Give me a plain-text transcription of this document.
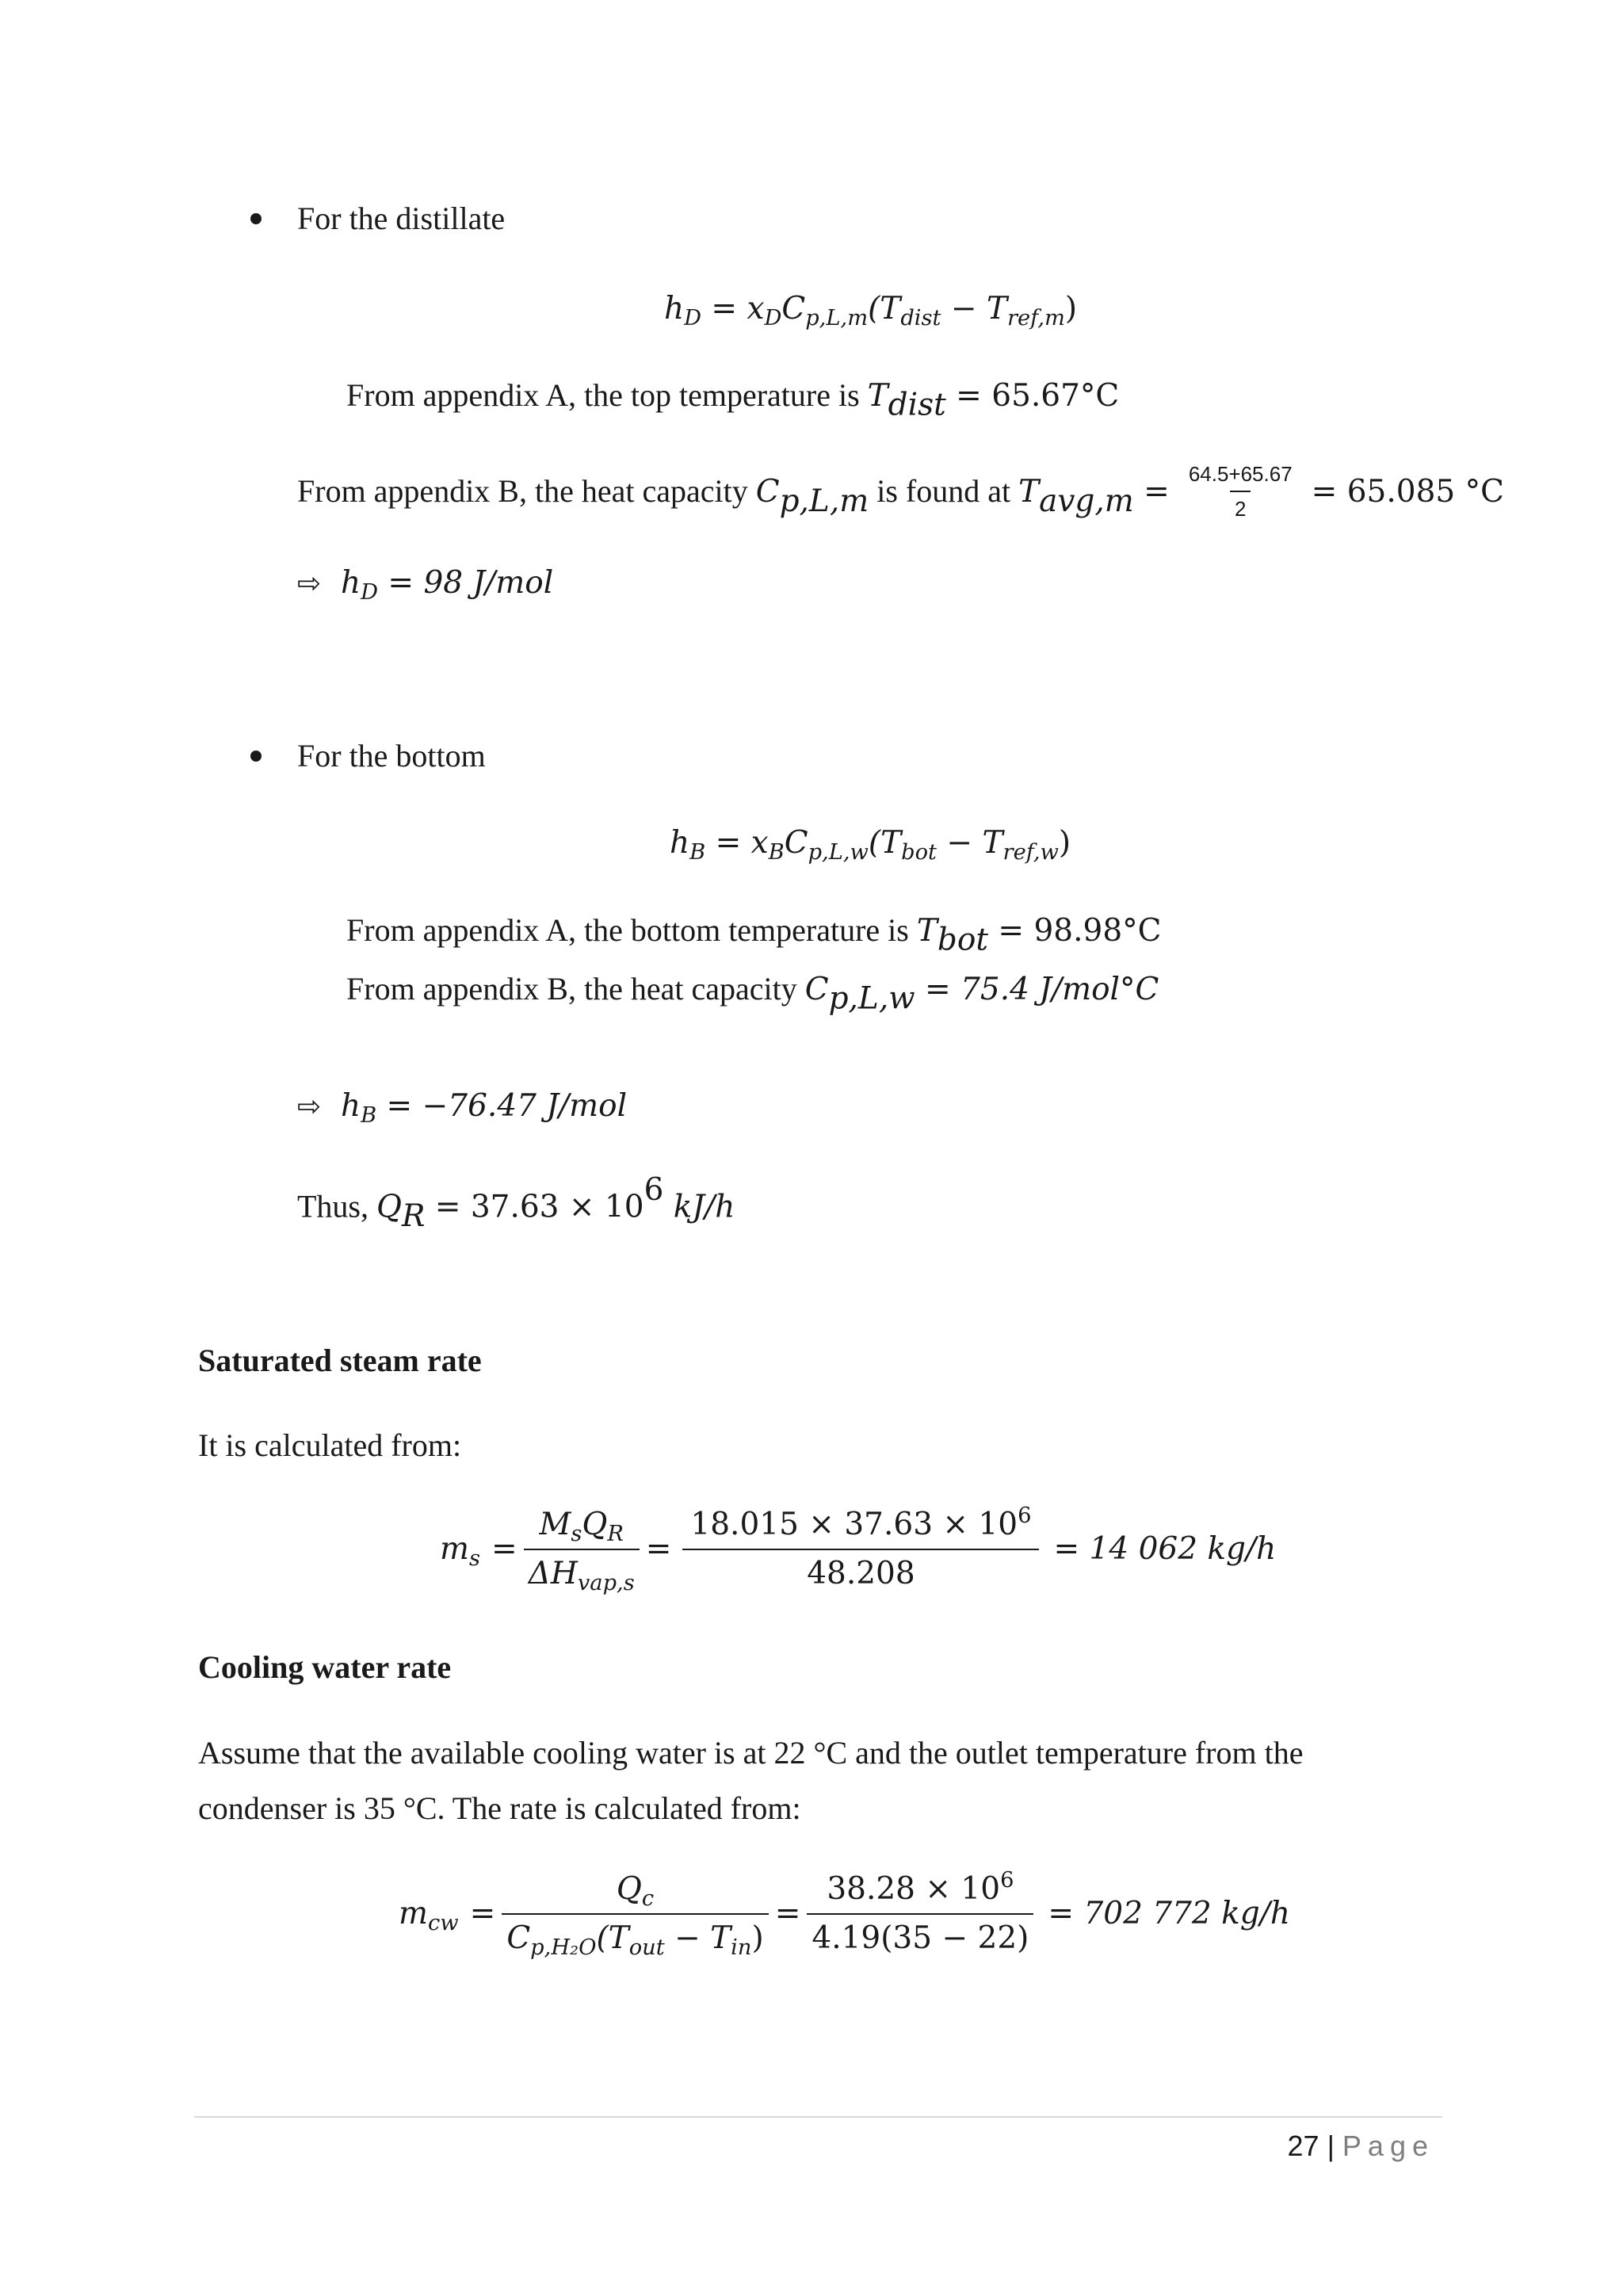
For the distillate
$h_D = x_DC_{p,L,m}(T_{dist} - T_{ref,m})$
From appendix A, the top temperature is $T_{dist} = 65.67^\circ C$
From appendix B, the heat capacity $C_{p,L,m}$ is found at $T_{avg,m} = \frac{64.5+65.67}{2} = 65.085$ °C
⇨ $h_D = 98$ J/mol
For the bottom
$h_B = x_BC_{p,L,w}(T_{bot} - T_{ref,w})$
From appendix A, the bottom temperature is $T_{bot} = 98.98^\circ C$
From appendix B, the heat capacity $C_{p,L,w} = 75.4$ J/mol°C
⇨ $h_B = -76.47$ J/mol
Thus, $Q_R = 37.63 \times 10^6$ kJ/h
Saturated steam rate
It is calculated from:
$m_s = \frac{M_sQ_R}{\Delta H_{vap,s}} = \frac{18.015 \times 37.63 \times 10^6}{48.208} = 14$ 062 kg/h
Cooling water rate
Assume that the available cooling water is at 22 °C and the outlet temperature from the
condenser is 35 °C. The rate is calculated from:
$m_{cw} = \frac{Q_c}{C_{p,H_2O}(T_{out} - T_{in})} = \frac{38.28 \times 10^6}{4.19(35 - 22)} = 702$ 772 kg/h
27 | Page
